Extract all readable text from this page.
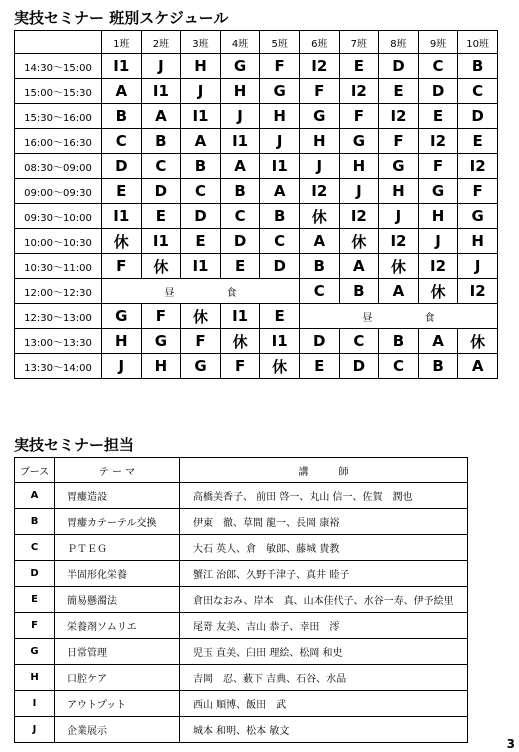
実技セミナー 班別スケジュール
	1班	2班	3班	4班	5班	6班	7班	8班	9班	10班
14:30～15:00	I1	J	H	G	F	I2	E	D	C	B
15:00～15:30	A	I1	J	H	G	F	I2	E	D	C
15:30～16:00	B	A	I1	J	H	G	F	I2	E	D
16:00～16:30	C	B	A	I1	J	H	G	F	I2	E
08:30～09:00	D	C	B	A	I1	J	H	G	F	I2
09:00～09:30	E	D	C	B	A	I2	J	H	G	F
09:30～10:00	I1	E	D	C	B	休	I2	J	H	G
10:00～10:30	休	I1	E	D	C	A	休	I2	J	H
10:30～11:00	F	休	I1	E	D	B	A	休	I2	J
12:00～12:30	昼 食					C	B	A	休	I2
12:30～13:00	G	F	休	I1	E	昼 食				
13:00～13:30	H	G	F	休	I1	D	C	B	A	休
13:30～14:00	J	H	G	F	休	E	D	C	B	A
実技セミナー担当
ブース	テ ー マ	講　　　師
A	胃瘻造設	高橋美香子、 前田 啓一、丸山 信一、佐賀　潤也
B	胃瘻カテーテル交換	伊東　徹、草間 龍一、長岡 康裕
C	ＰＴＥＧ	大石 英人、倉　敏郎、藤城 貴教
D	半固形化栄養	蟹江 治郎、久野千津子、真井 睦子
E	簡易懸濁法	倉田なおみ、岸本　真、山本佳代子、水谷一寿、伊予絵里
F	栄養剤ソムリエ	尾嵜 友美、吉山 恭子、幸田　澪
G	日常管理	児玉 直美、臼田 理絵、松岡 和史
H	口腔ケア	吉岡　忍、薮下 吉典、石谷、水品
I	アウトプット	西山 順博、飯田　武
J	企業展示	城本 和明、松本 敏文
3
